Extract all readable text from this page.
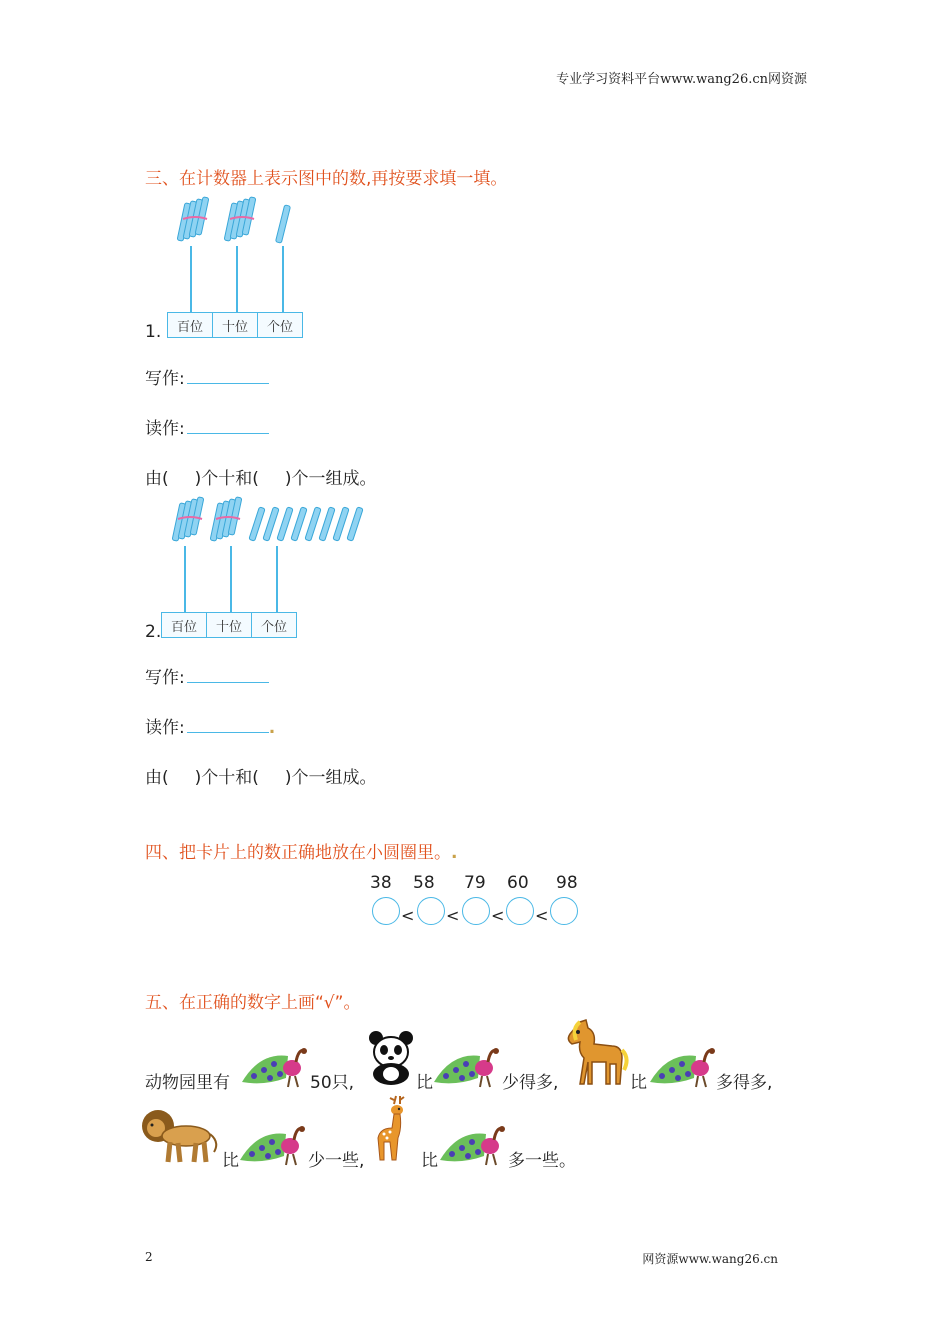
专业学习资料平台www.wang26.cn网资源
2	网资源www.wang26.cn
三、在计数器上表示图中的数,再按要求填一填。
1.	百位	十位	个位
写作:
读作:
由( )个十和( )个一组成。
2. 百位	十位	个位
写作:
读作:	.
由( )个十和( )个一组成。
四、把卡片上的数正确地放在小圆圈里。.
38 58 79 60 98
< < < <
五、在正确的数字上画“√”。
动物园里有	50只,	比	少得多,	比	多得多,
比	少一些,	比	多一些。
